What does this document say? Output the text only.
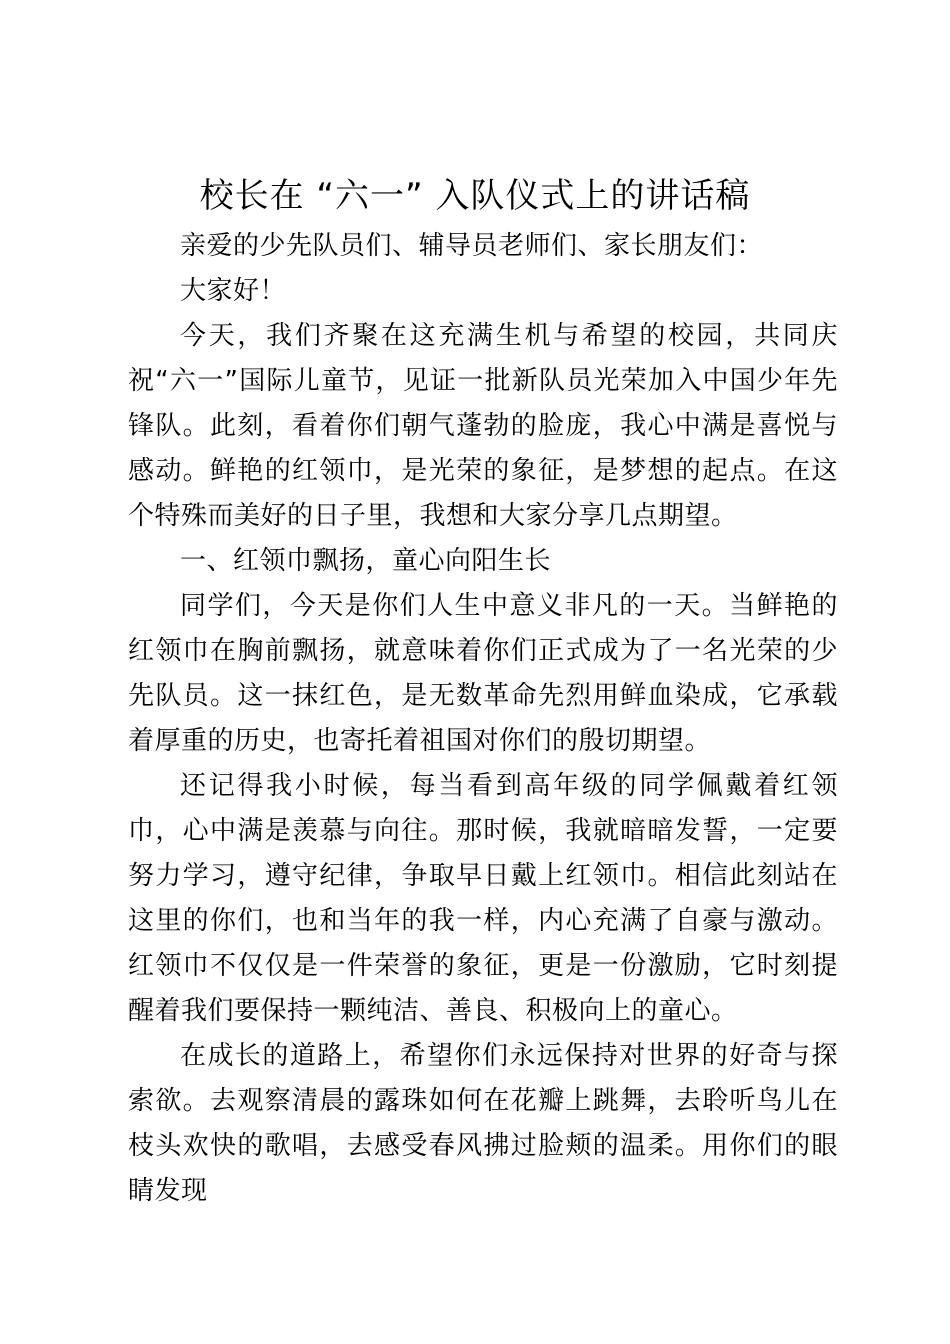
校长在 “六一” 入队仪式上的讲话稿

亲爱的少先队员们、辅导员老师们、家长朋友们：

大家好！

今天，我们齐聚在这充满生机与希望的校园，共同庆祝“六一”国际儿童节，见证一批新队员光荣加入中国少年先锋队。此刻，看着你们朝气蓬勃的脸庞，我心中满是喜悦与感动。鲜艳的红领巾，是光荣的象征，是梦想的起点。在这个特殊而美好的日子里，我想和大家分享几点期望。

一、红领巾飘扬，童心向阳生长

同学们，今天是你们人生中意义非凡的一天。当鲜艳的红领巾在胸前飘扬，就意味着你们正式成为了一名光荣的少先队员。这一抹红色，是无数革命先烈用鲜血染成，它承载着厚重的历史，也寄托着祖国对你们的殷切期望。

还记得我小时候，每当看到高年级的同学佩戴着红领巾，心中满是羡慕与向往。那时候，我就暗暗发誓，一定要努力学习，遵守纪律，争取早日戴上红领巾。相信此刻站在这里的你们，也和当年的我一样，内心充满了自豪与激动。红领巾不仅仅是一件荣誉的象征，更是一份激励，它时刻提醒着我们要保持一颗纯洁、善良、积极向上的童心。

在成长的道路上，希望你们永远保持对世界的好奇与探索欲。去观察清晨的露珠如何在花瓣上跳舞，去聆听鸟儿在枝头欢快的歌唱，去感受春风拂过脸颊的温柔。用你们的眼睛发现
